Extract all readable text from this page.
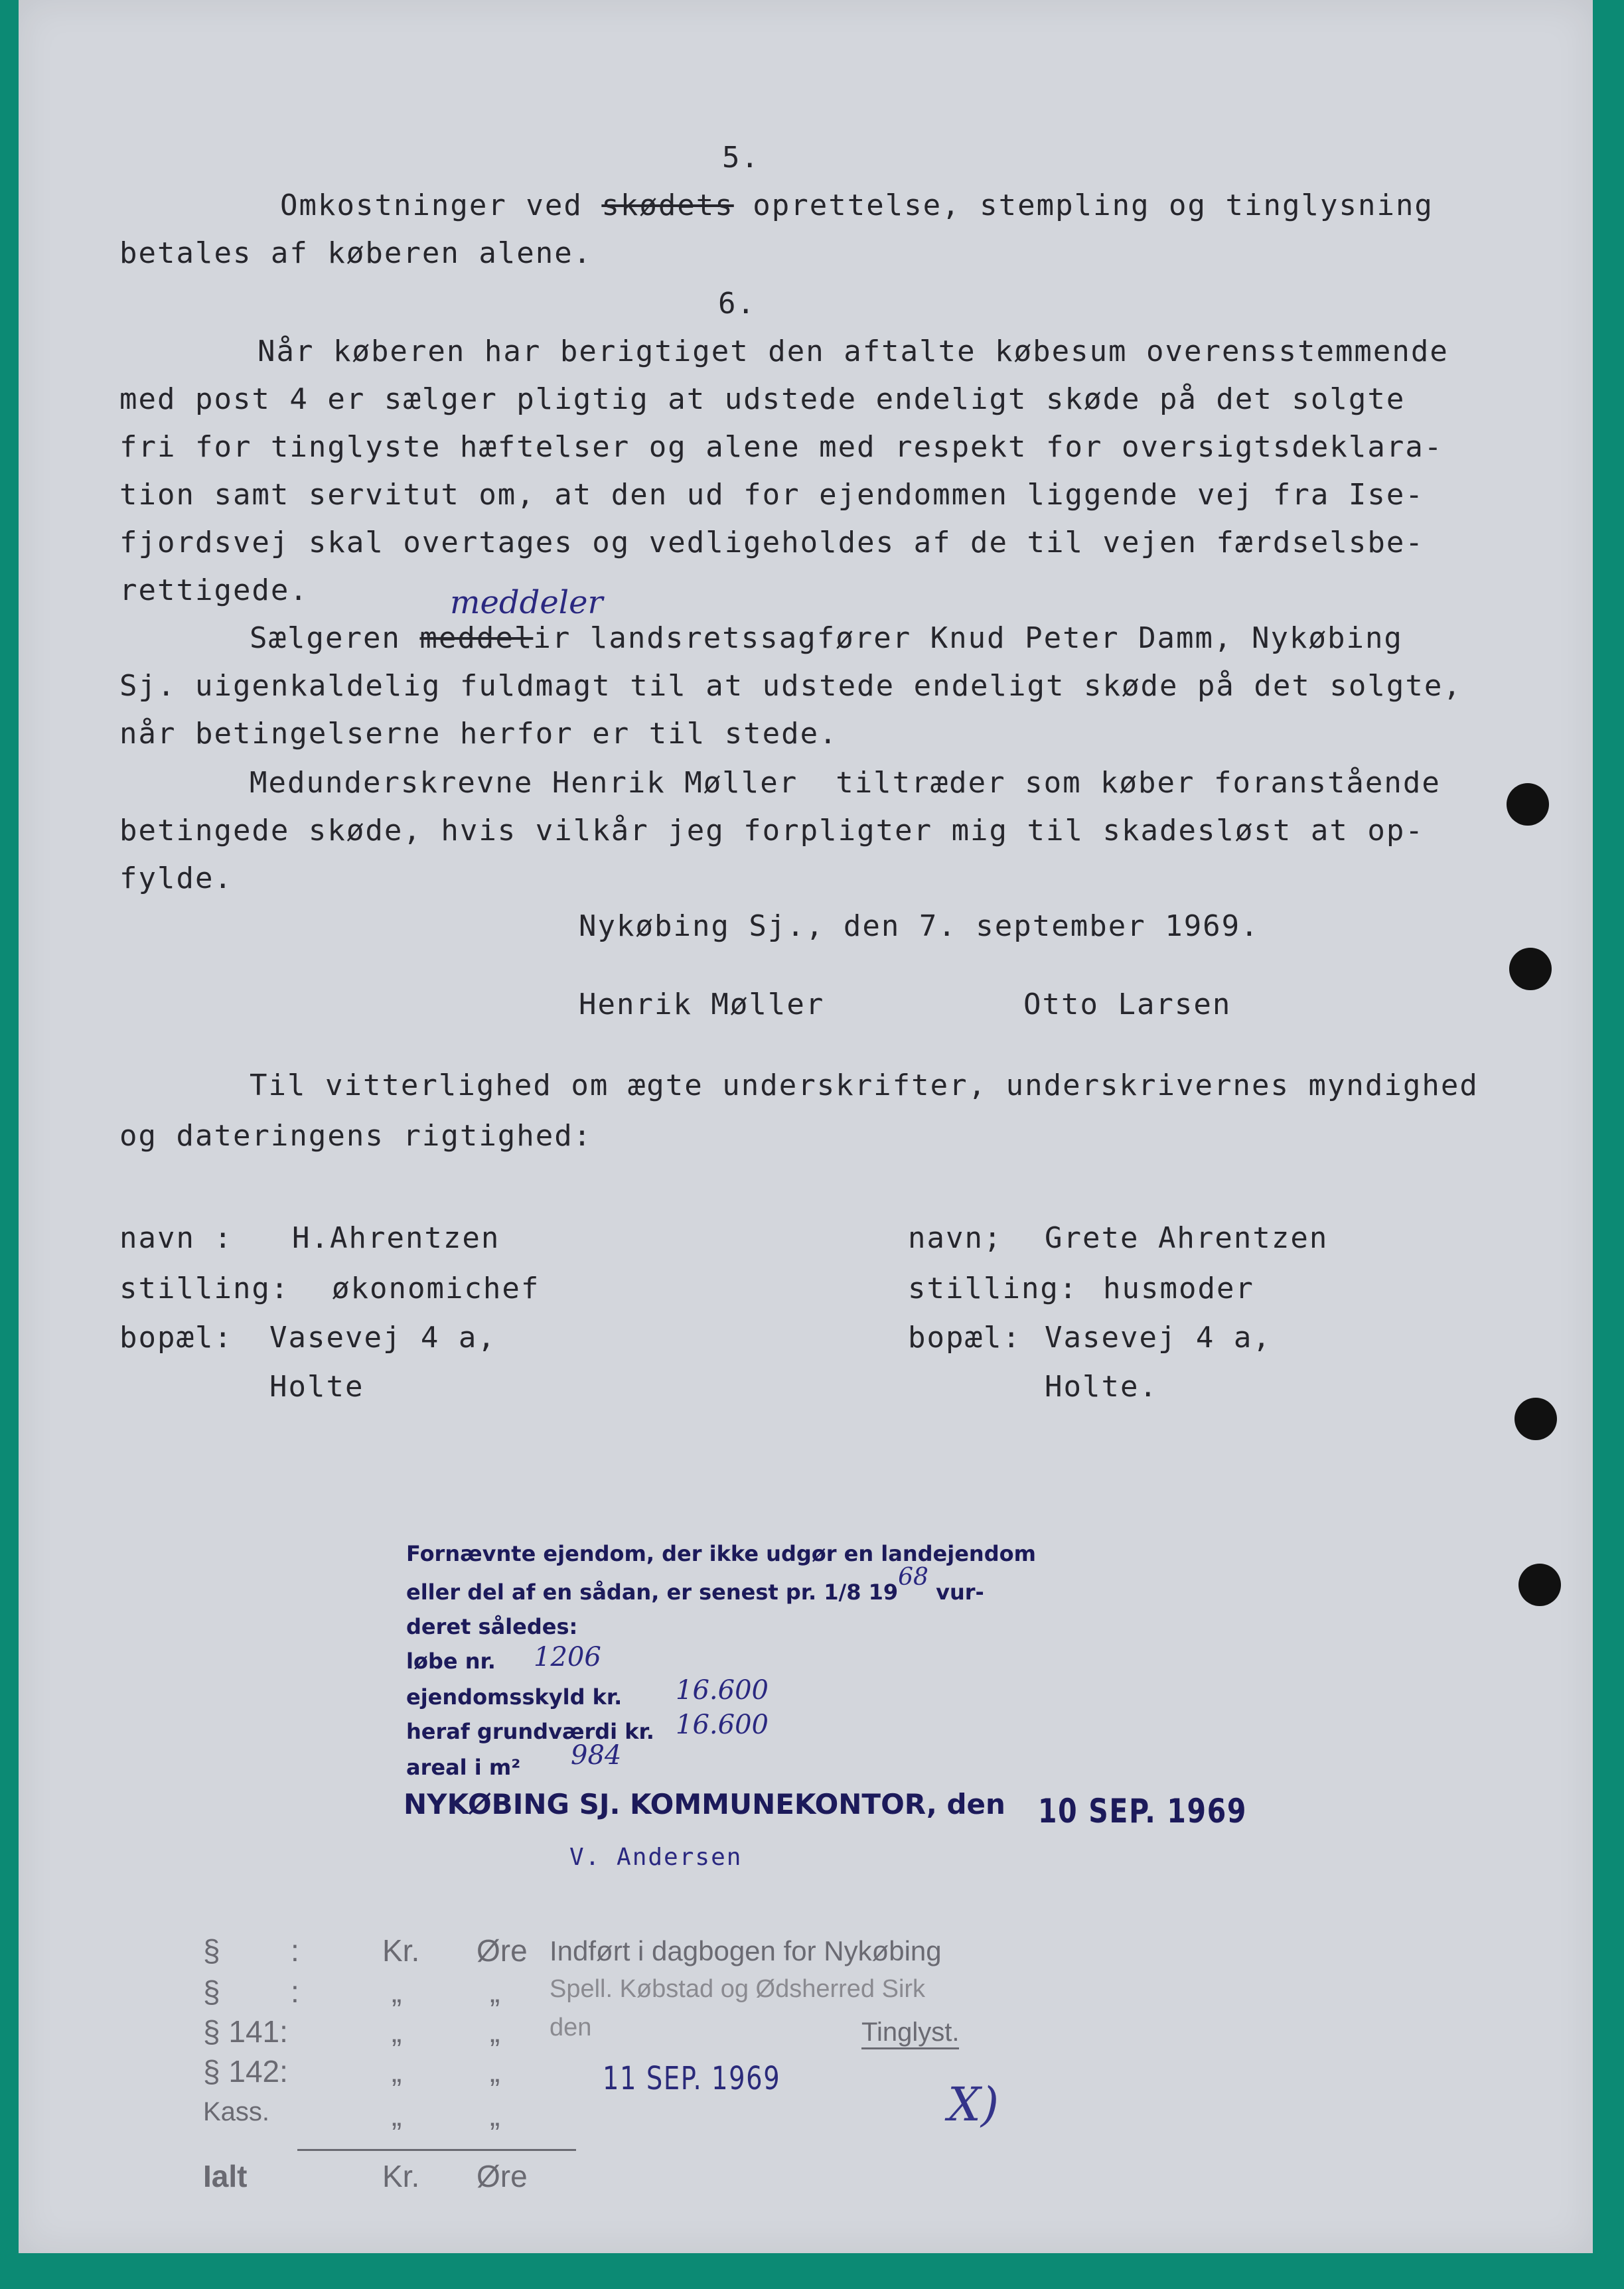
5.
Omkostninger ved skødets oprettelse, stempling og tinglysning
betales af køberen alene.
6.
Når køberen har berigtiget den aftalte købesum overensstemmende
med post 4 er sælger pligtig at udstede endeligt skøde på det solgte
fri for tinglyste hæftelser og alene med respekt for oversigtsdeklara-
tion samt servitut om, at den ud for ejendommen liggende vej fra Ise-
fjordsvej skal overtages og vedligeholdes af de til vejen færdselsbe-
rettigede.	meddeler
Sælgeren meddelir landsretssagfører Knud Peter Damm, Nykøbing
Sj. uigenkaldelig fuldmagt til at udstede endeligt skøde på det solgte,
når betingelserne herfor er til stede.
Medunderskrevne Henrik Møller  tiltræder som køber foranstående
betingede skøde, hvis vilkår jeg forpligter mig til skadesløst at op-
fylde.
Nykøbing Sj., den 7. september 1969.
Henrik Møller	Otto Larsen
Til vitterlighed om ægte underskrifter, underskrivernes myndighed
og dateringens rigtighed:
navn : H.Ahrentzen
stilling: økonomichef
bopæl: Vasevej 4 a,
Holte
navn; Grete Ahrentzen
stilling: husmoder
bopæl: Vasevej 4 a,
Holte.
Fornævnte ejendom, der ikke udgør en landejendom
eller del af en sådan, er senest pr. 1/8 1968 vur-
deret således:
løbe nr. 1206
ejendomsskyld kr. 16.600
heraf grundværdi kr. 16.600
areal i m² 984
NYKØBING SJ. KOMMUNEKONTOR, den 10 SEP. 1969
V. Andersen
§ :	Kr. Øre Indført i dagbogen for Nykøbing
§ :	„	„ Spell. Købstad og Ødsherred Sirk
§ 141:	„	„ den	Tinglyst.
§ 142:	„	„	11 SEP. 1969
Kass.	„	„
Ialt	Kr. Øre
X)
